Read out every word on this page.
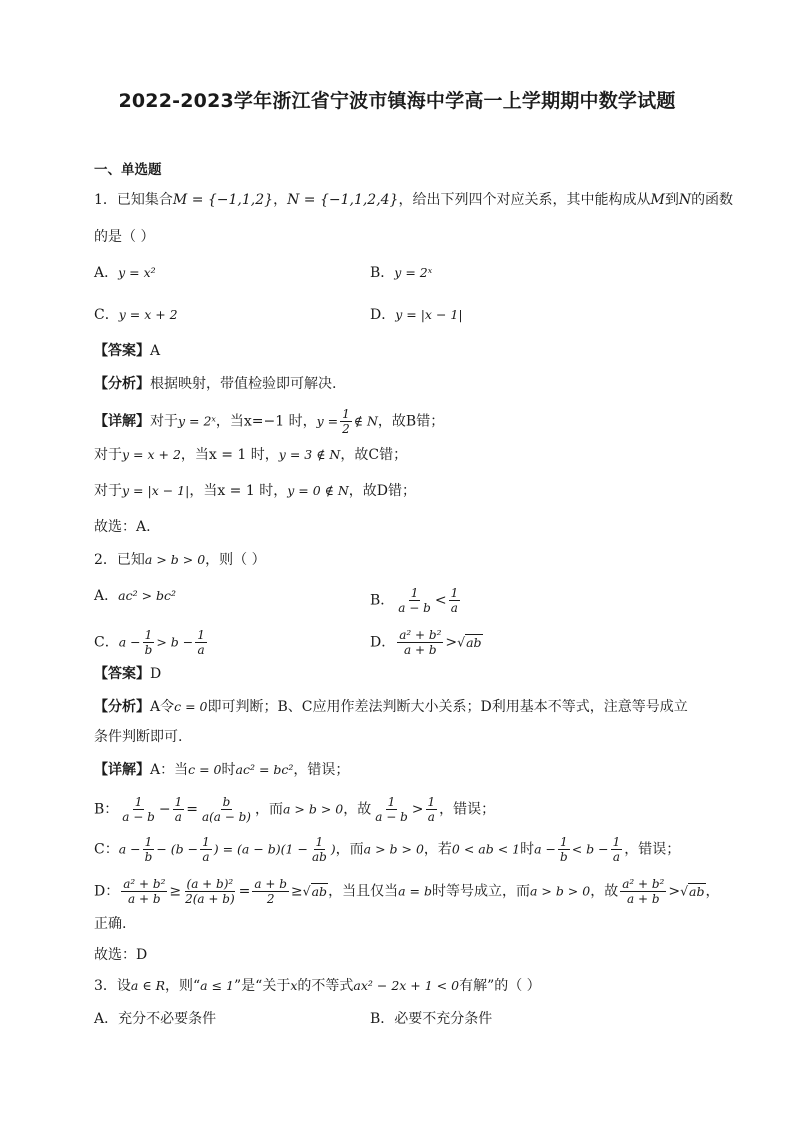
2022-2023学年浙江省宁波市镇海中学高一上学期期中数学试题
一、单选题
1．已知集合M = {−1,1,2}，N = {−1,1,2,4}，给出下列四个对应关系，其中能构成从M到N的函数
的是（ ）
A．y = x²	B．y = 2ˣ
C．y = x + 2	D．y = |x − 1|
【答案】A
【分析】根据映射，带值检验即可解决.
【详解】对于y = 2ˣ，当x=−1 时，$y = \frac{1}{2}$ ∉ N，故B错；
对于y = x + 2，当x = 1 时，y = 3 ∉ N，故C错；
对于y = |x − 1|，当x = 1 时，y = 0 ∉ N，故D错；
故选：A.
2．已知a > b > 0，则（ ）
A．ac² > bc²	B． $\frac{1}{a - b} < \frac{1}{a}$
C．$a - \frac{1}{b} > b - \frac{1}{a}$	D． $\frac{\text{a² + b²}}{a + b} >√ab$
【答案】D
【分析】A令c = 0即可判断；B、C应用作差法判断大小关系；D利用基本不等式，注意等号成立
条件判断即可.
【详解】A：当c = 0时ac² = bc²，错误；
B： $\frac{1}{a - b} - \frac{1}{a} = \frac{b}{a(a - b)}$ ，而a > b > 0，故 $\frac{1}{a - b} > \frac{1}{a}$ ，错误；
C：$a - \frac{1}{b} - (b - \frac{1}{a}$ ) = $(a - b)(1 - \frac{1}{ab}$ )，而a > b > 0，若0 < ab < 1时$a - \frac{1}{b} < b - \frac{1}{a}$ ，错误；
D： $\frac{\text{a² + b²}}{a + b} \ge \frac{\text{(a + b)²}}{2(a + b)} = \frac{a + b}{2} \ge√ab$，当且仅当a = b时等号成立，而a > b > 0，故 $\frac{\text{a² + b²}}{a + b} >√ab$，
正确.
故选：D
3．设a ∈ R，则“a ≤ 1”是“关于x的不等式ax² − 2x + 1 < 0有解”的（ ）
A．充分不必要条件	B．必要不充分条件
